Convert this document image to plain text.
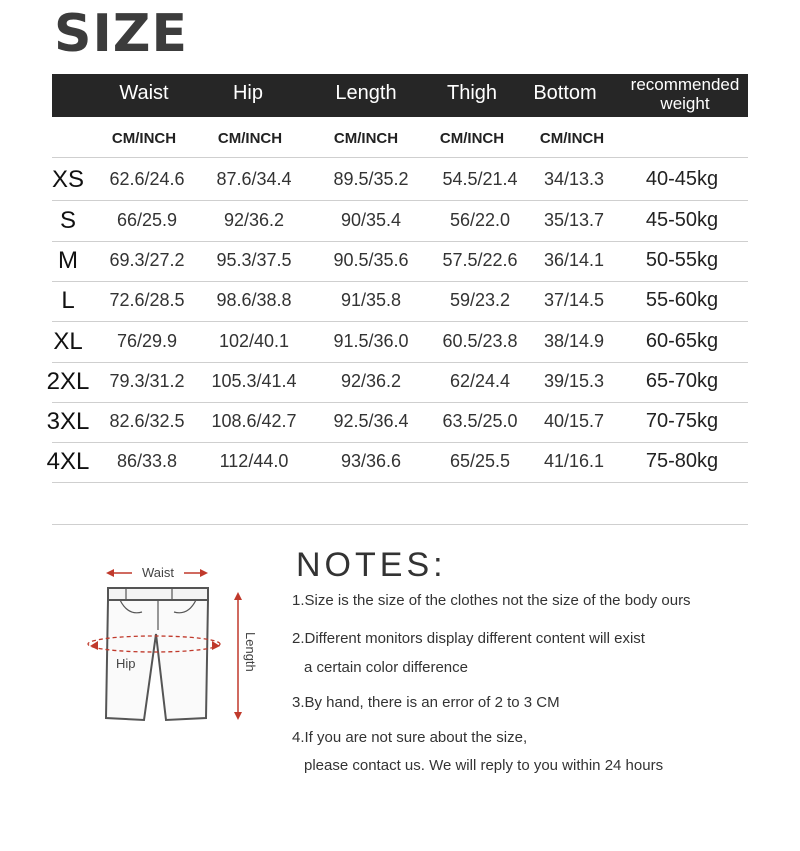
SIZE
Waist	Hip	Length	Thigh	Bottom	recommended weight
CM/INCH	CM/INCH	CM/INCH	CM/INCH	CM/INCH
XS	62.6/24.6	87.6/34.4	89.5/35.2	54.5/21.4	34/13.3	40-45kg
S	66/25.9	92/36.2	90/35.4	56/22.0	35/13.7	45-50kg
M	69.3/27.2	95.3/37.5	90.5/35.6	57.5/22.6	36/14.1	50-55kg
L	72.6/28.5	98.6/38.8	91/35.8	59/23.2	37/14.5	55-60kg
XL	76/29.9	102/40.1	91.5/36.0	60.5/23.8	38/14.9	60-65kg
2XL	79.3/31.2	105.3/41.4	92/36.2	62/24.4	39/15.3	65-70kg
3XL	82.6/32.5	108.6/42.7	92.5/36.4	63.5/25.0	40/15.7	70-75kg
4XL	86/33.8	112/44.0	93/36.6	65/25.5	41/16.1	75-80kg
Waist
Hip	Length
NOTES:
1.Size is the size of the clothes not the size of the body ours
2.Different monitors display different content will exist
a certain color difference
3.By hand, there is an error of 2 to 3 CM
4.If you are not sure about the size,
please contact us. We will reply to you within 24 hours
